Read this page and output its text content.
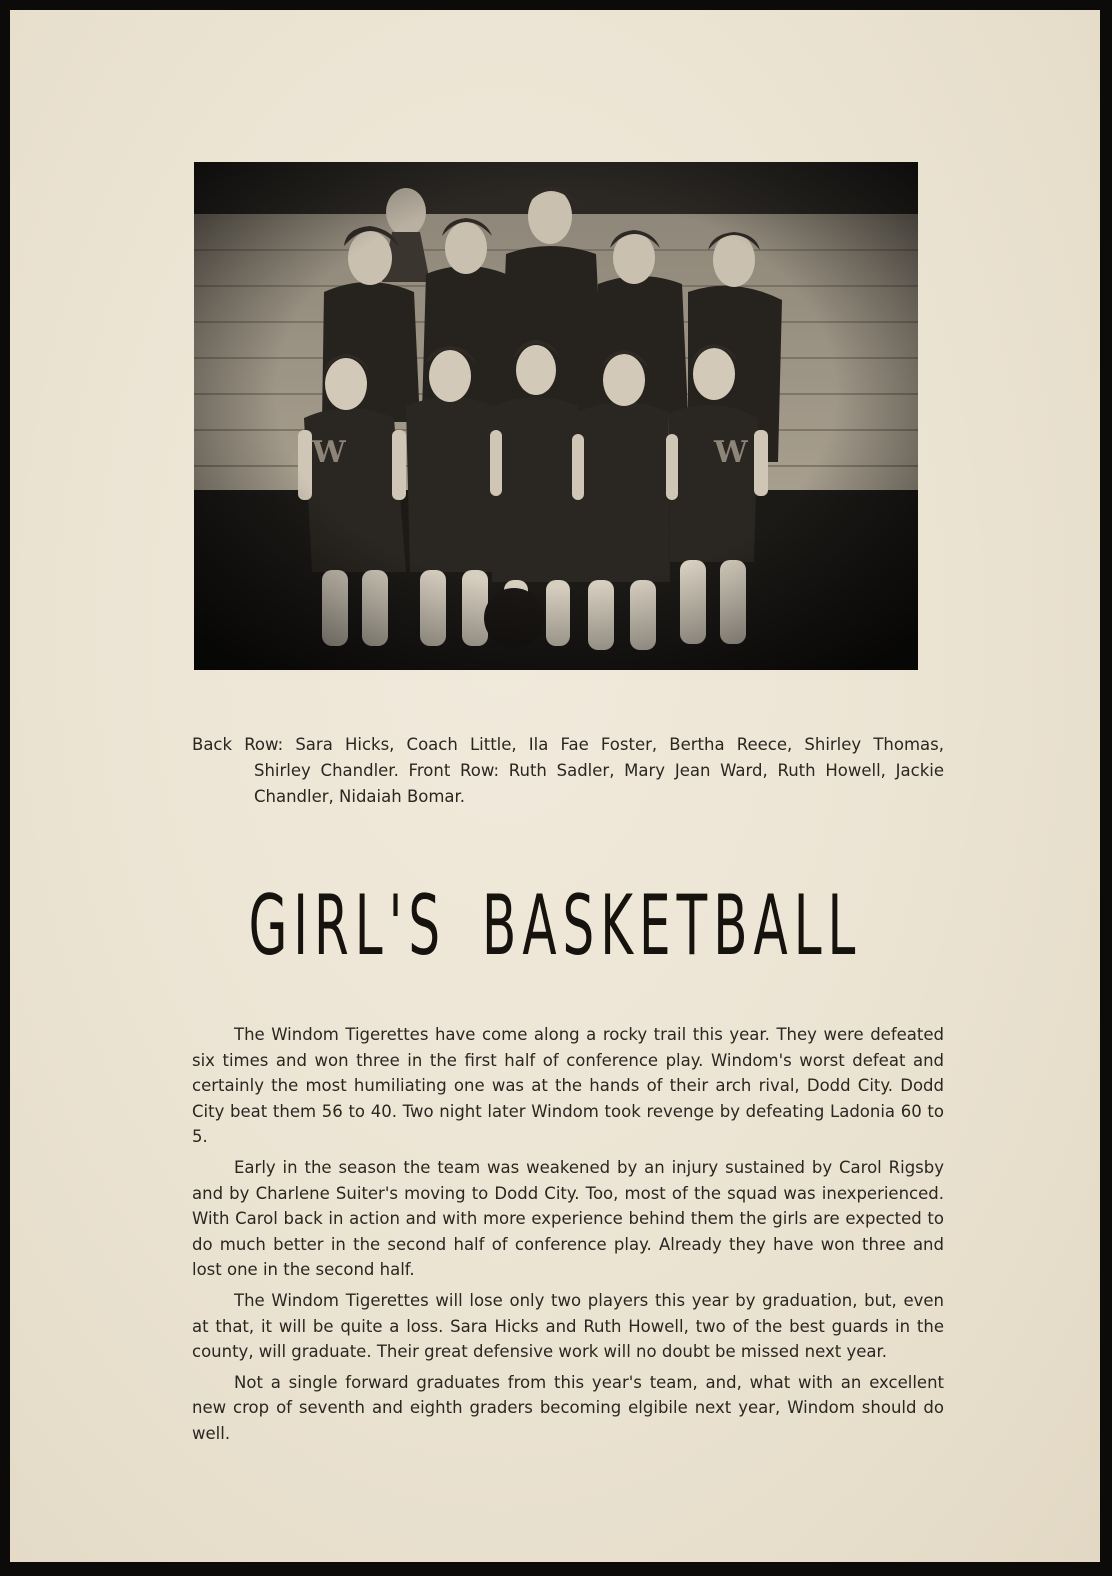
Back Row: Sara Hicks, Coach Little, Ila Fae Foster, Bertha Reece, Shirley Thomas,
Shirley Chandler. Front Row: Ruth Sadler, Mary Jean Ward, Ruth Howell, Jackie Chandler, Nidaiah Bomar.
GIRL'S BASKETBALL

The Windom Tigerettes have come along a rocky trail this year. They were defeated six times and won three in the first half of conference play. Windom's worst defeat and certainly the most humiliating one was at the hands of their arch rival, Dodd City. Dodd City beat them 56 to 40. Two night later Windom took revenge by defeating Ladonia 60 to 5.

Early in the season the team was weakened by an injury sustained by Carol Rigsby and by Charlene Suiter's moving to Dodd City. Too, most of the squad was inexperienced. With Carol back in action and with more experience behind them the girls are expected to do much better in the second half of conference play. Already they have won three and lost one in the second half.

The Windom Tigerettes will lose only two players this year by graduation, but, even at that, it will be quite a loss. Sara Hicks and Ruth Howell, two of the best guards in the county, will graduate. Their great defensive work will no doubt be missed next year.

Not a single forward graduates from this year's team, and, what with an excellent new crop of seventh and eighth graders becoming elgibile next year, Windom should do well.
